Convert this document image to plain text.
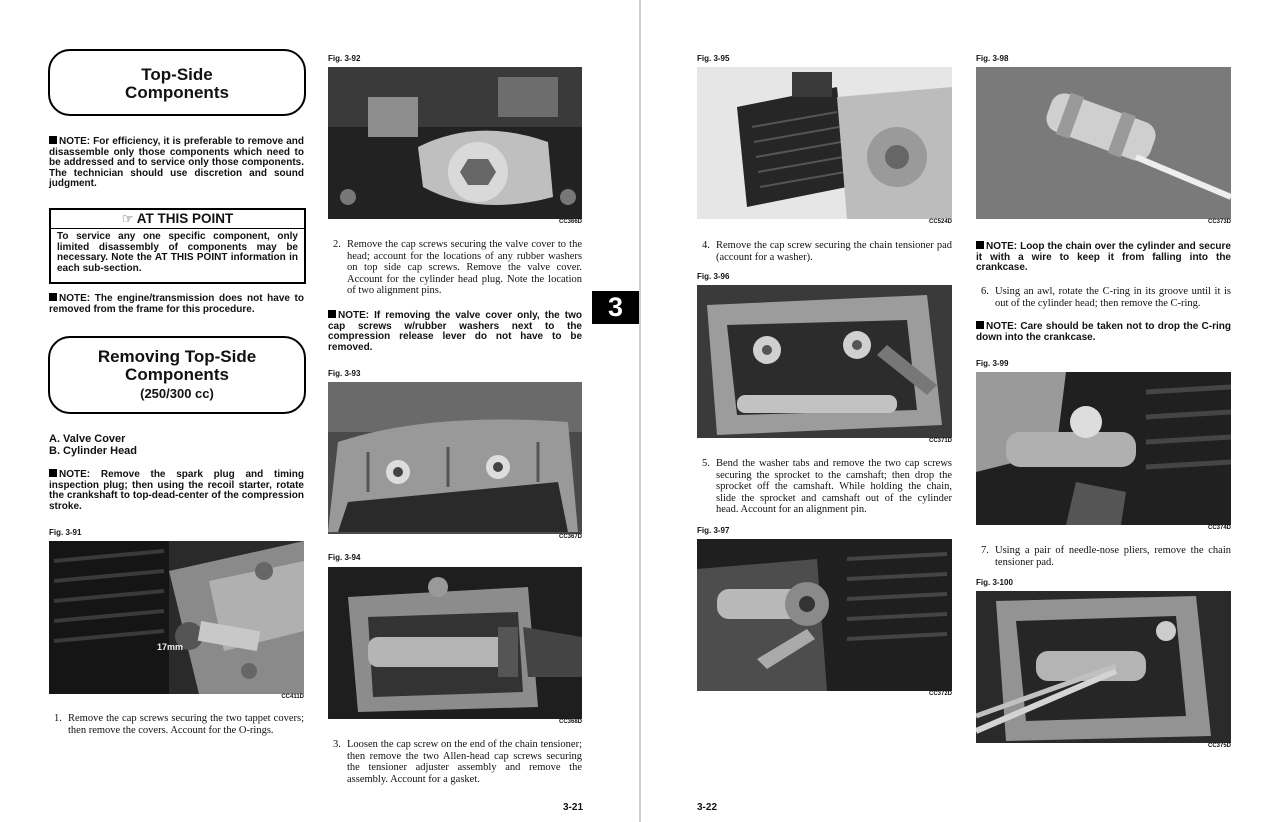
Top-Side
Components
NOTE: For efficiency, it is preferable to remove and disassemble only those components which need to be addressed and to service only those components. The technician should use discretion and sound judgment.
☞ AT THIS POINT
To service any one specific component, only limited disassembly of components may be necessary. Note the AT THIS POINT information in each sub-section.
NOTE: The engine/transmission does not have to removed from the frame for this procedure.
Removing Top-Side
Components
(250/300 cc)
A. Valve Cover
B. Cylinder Head
NOTE: Remove the spark plug and timing inspection plug; then using the recoil starter, rotate the crankshaft to top-dead-center of the compression stroke.
Fig. 3-91
17mm
CC411D
1. Remove the cap screws securing the two tappet covers; then remove the covers. Account for the O-rings.
Fig. 3-92
CC366D
2. Remove the cap screws securing the valve cover to the head; account for the locations of any rubber washers on top side cap screws. Remove the valve cover. Account for the cylinder head plug. Note the location of two alignment pins.
NOTE: If removing the valve cover only, the two cap screws w/rubber washers next to the compression release lever do not have to be removed.
Fig. 3-93
CC367D
Fig. 3-94
CC368D
3. Loosen the cap screw on the end of the chain tensioner; then remove the two Allen-head cap screws securing the tensioner adjuster assembly and remove the assembly. Account for a gasket.
3-21
3
Fig. 3-95
CC524D
4. Remove the cap screw securing the chain tensioner pad (account for a washer).
Fig. 3-96
CC371D
5. Bend the washer tabs and remove the two cap screws securing the sprocket to the camshaft; then drop the sprocket off the camshaft. While holding the chain, slide the sprocket and camshaft out of the cylinder head. Account for an alignment pin.
Fig. 3-97
CC372D
3-22
Fig. 3-98
CC373D
NOTE: Loop the chain over the cylinder and secure it with a wire to keep it from falling into the crankcase.
6. Using an awl, rotate the C-ring in its groove until it is out of the cylinder head; then remove the C-ring.
NOTE: Care should be taken not to drop the C-ring down into the crankcase.
Fig. 3-99
CC374D
7. Using a pair of needle-nose pliers, remove the chain tensioner pad.
Fig. 3-100
CC375D
